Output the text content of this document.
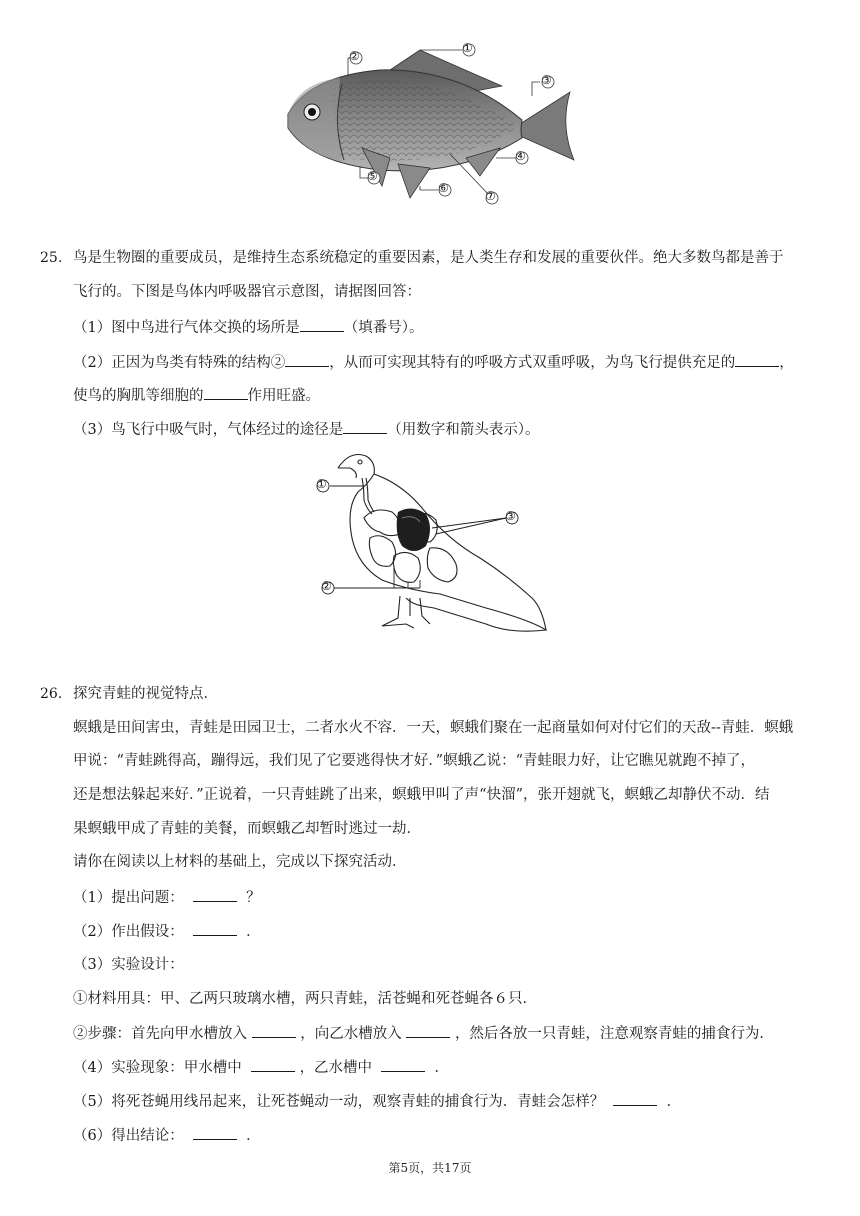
①
②
③
④
⑤
⑥
⑦
25. 鸟是生物圈的重要成员，是维持生态系统稳定的重要因素，是人类生存和发展的重要伙伴。绝大多数鸟都是善于
飞行的。下图是鸟体内呼吸器官示意图，请据图回答：
（1）图中鸟进行气体交换的场所是	（填番号）。
（2）正因为鸟类有特殊的结构②	，从而可实现其特有的呼吸方式双重呼吸，为鸟飞行提供充足的	，
使鸟的胸肌等细胞的	作用旺盛。
（3）鸟飞行中吸气时，气体经过的途径是	（用数字和箭头表示）。
①
③
②
26. 探究青蛙的视觉特点．
螟蛾是田间害虫，青蛙是田园卫士，二者水火不容．一天，螟蛾们聚在一起商量如何对付它们的天敌--青蛙．螟蛾
甲说：“青蛙跳得高，蹦得远，我们见了它要逃得快才好．”螟蛾乙说：“青蛙眼力好，让它瞧见就跑不掉了，
还是想法躲起来好．”正说着，一只青蛙跳了出来，螟蛾甲叫了声“快溜”，张开翅就飞，螟蛾乙却静伏不动．结
果螟蛾甲成了青蛙的美餐，而螟蛾乙却暂时逃过一劫．
请你在阅读以上材料的基础上，完成以下探究活动．
（1）提出问题：	？
（2）作出假设：	．
（3）实验设计：
①材料用具：甲、乙两只玻璃水槽，两只青蛙，活苍蝇和死苍蝇各６只．
②步骤：首先向甲水槽放入	，向乙水槽放入	，然后各放一只青蛙，注意观察青蛙的捕食行为．
（4）实验现象：甲水槽中	，乙水槽中	．
（5）将死苍蝇用线吊起来，让死苍蝇动一动，观察青蛙的捕食行为．青蛙会怎样？	．
（6）得出结论：	．
第5页，共17页
